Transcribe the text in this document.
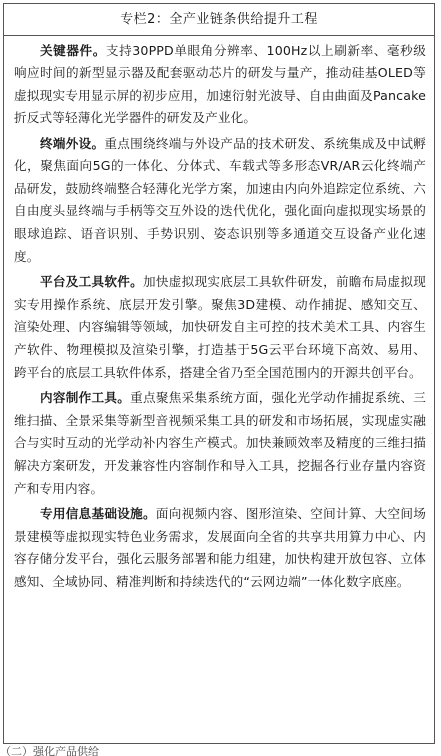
专栏2：全产业链条供给提升工程

关键器件。支持30PPD单眼角分辨率、100Hz以上刷新率、毫秒级响应时间的新型显示器及配套驱动芯片的研发与量产，推动硅基OLED等虚拟现实专用显示屏的初步应用，加速衍射光波导、自由曲面及Pancake折反式等轻薄化光学器件的研发及产业化。

终端外设。重点围绕终端与外设产品的技术研发、系统集成及中试孵化，聚焦面向5G的一体化、分体式、车载式等多形态VR/AR云化终端产品研发，鼓励终端整合轻薄化光学方案，加速由内向外追踪定位系统、六自由度头显终端与手柄等交互外设的迭代优化，强化面向虚拟现实场景的眼球追踪、语音识别、手势识别、姿态识别等多通道交互设备产业化速度。

平台及工具软件。加快虚拟现实底层工具软件研发，前瞻布局虚拟现实专用操作系统、底层开发引擎。聚焦3D建模、动作捕捉、感知交互、渲染处理、内容编辑等领域，加快研发自主可控的技术美术工具、内容生产软件、物理模拟及渲染引擎，打造基于5G云平台环境下高效、易用、跨平台的底层工具软件体系，搭建全省乃至全国范围内的开源共创平台。

内容制作工具。重点聚焦采集系统方面，强化光学动作捕捉系统、三维扫描、全景采集等新型音视频采集工具的研发和市场拓展，实现虚实融合与实时互动的光学动补内容生产模式。加快兼顾效率及精度的三维扫描解决方案研发，开发兼容性内容制作和导入工具，挖掘各行业存量内容资产和专用内容。

专用信息基础设施。面向视频内容、图形渲染、空间计算、大空间场景建模等虚拟现实特色业务需求，发展面向全省的共享共用算力中心、内容存储分发平台，强化云服务部署和能力组建，加快构建开放包容、立体感知、全域协同、精准判断和持续迭代的“云网边端”一体化数字底座。

（二）强化产品供给
